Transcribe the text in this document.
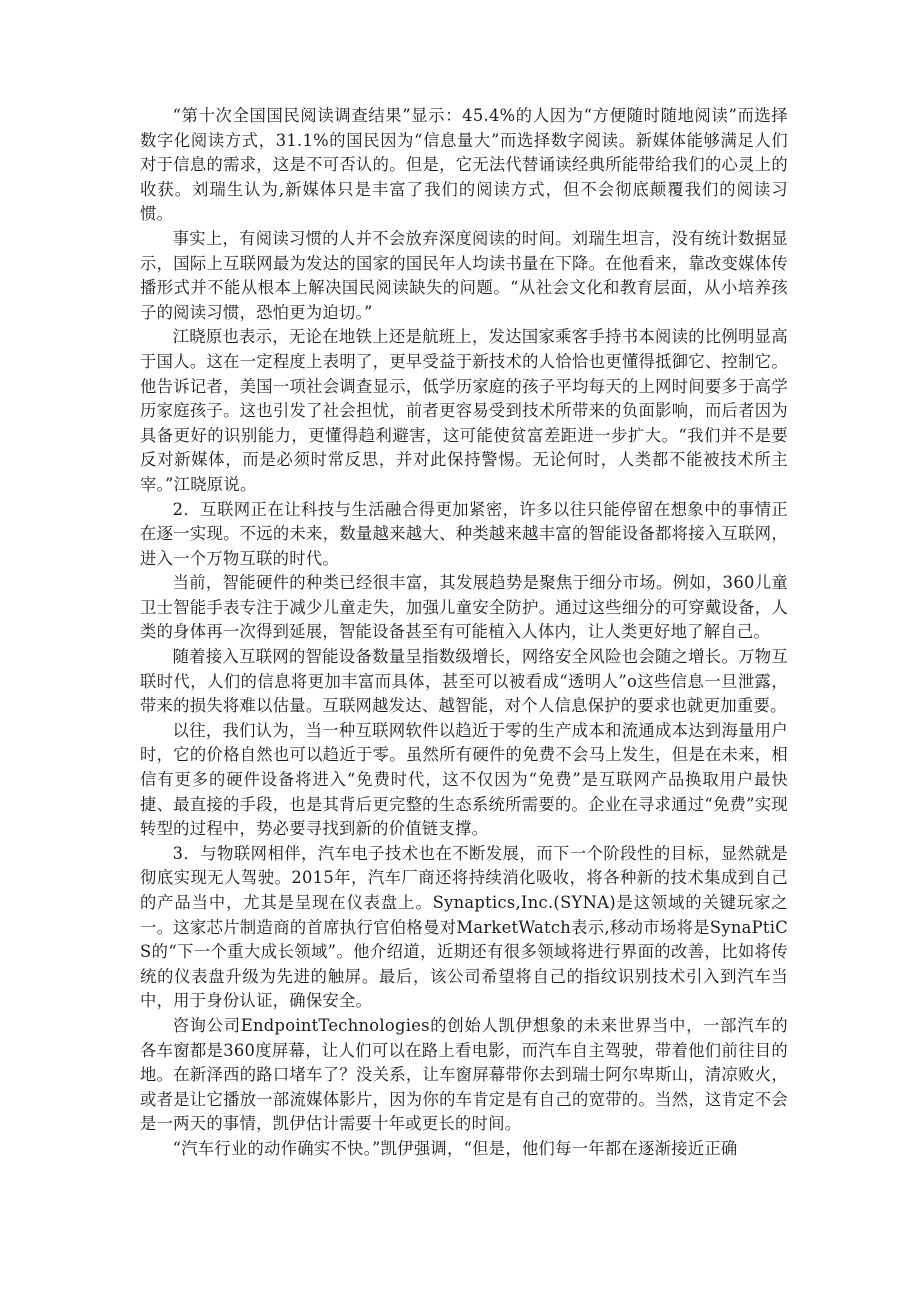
“第十次全国国民阅读调查结果”显示：45.4%的人因为“方便随时随地阅读”而选择数字化阅读方式，31.1%的国民因为“信息量大”而选择数字阅读。新媒体能够满足人们对于信息的需求，这是不可否认的。但是，它无法代替诵读经典所能带给我们的心灵上的收获。刘瑞生认为,新媒体只是丰富了我们的阅读方式，但不会彻底颠覆我们的阅读习惯。

事实上，有阅读习惯的人并不会放弃深度阅读的时间。刘瑞生坦言，没有统计数据显示，国际上互联网最为发达的国家的国民年人均读书量在下降。在他看来，靠改变媒体传播形式并不能从根本上解决国民阅读缺失的问题。“从社会文化和教育层面，从小培养孩子的阅读习惯，恐怕更为迫切。”

江晓原也表示，无论在地铁上还是航班上，发达国家乘客手持书本阅读的比例明显高于国人。这在一定程度上表明了，更早受益于新技术的人恰恰也更懂得抵御它、控制它。他告诉记者，美国一项社会调查显示，低学历家庭的孩子平均每天的上网时间要多于高学历家庭孩子。这也引发了社会担忧，前者更容易受到技术所带来的负面影响，而后者因为具备更好的识别能力，更懂得趋利避害，这可能使贫富差距进一步扩大。“我们并不是要反对新媒体，而是必须时常反思，并对此保持警惕。无论何时，人类都不能被技术所主宰。”江晓原说。

2．互联网正在让科技与生活融合得更加紧密，许多以往只能停留在想象中的事情正在逐一实现。不远的未来，数量越来越大、种类越来越丰富的智能设备都将接入互联网，进入一个万物互联的时代。

当前，智能硬件的种类已经很丰富，其发展趋势是聚焦于细分市场。例如，360儿童卫士智能手表专注于减少儿童走失，加强儿童安全防护。通过这些细分的可穿戴设备，人类的身体再一次得到延展，智能设备甚至有可能植入人体内，让人类更好地了解自己。

随着接入互联网的智能设备数量呈指数级增长，网络安全风险也会随之增长。万物互联时代，人们的信息将更加丰富而具体，甚至可以被看成“透明人”o这些信息一旦泄露，带来的损失将难以估量。互联网越发达、越智能，对个人信息保护的要求也就更加重要。

以往，我们认为，当一种互联网软件以趋近于零的生产成本和流通成本达到海量用户时，它的价格自然也可以趋近于零。虽然所有硬件的免费不会马上发生，但是在未来，相信有更多的硬件设备将进入“免费时代，这不仅因为“免费”是互联网产品换取用户最快捷、最直接的手段，也是其背后更完整的生态系统所需要的。企业在寻求通过“免费”实现转型的过程中，势必要寻找到新的价值链支撑。

3．与物联网相伴，汽车电子技术也在不断发展，而下一个阶段性的目标，显然就是彻底实现无人驾驶。2015年，汽车厂商还将持续消化吸收，将各种新的技术集成到自己的产品当中，尤其是呈现在仪表盘上。Synaptics,Inc.(SYNA)是这领域的关键玩家之一。这家芯片制造商的首席执行官伯格曼对MarketWatch表示,移动市场将是SynaPtiCS的“下一个重大成长领域”。他介绍道，近期还有很多领域将进行界面的改善，比如将传统的仪表盘升级为先进的触屏。最后，该公司希望将自己的指纹识别技术引入到汽车当中，用于身份认证，确保安全。

咨询公司EndpointTechnologies的创始人凯伊想象的未来世界当中，一部汽车的各车窗都是360度屏幕，让人们可以在路上看电影，而汽车自主驾驶，带着他们前往目的地。在新泽西的路口堵车了？没关系，让车窗屏幕带你去到瑞士阿尔卑斯山，清凉败火，或者是让它播放一部流媒体影片，因为你的车肯定是有自己的宽带的。当然，这肯定不会是一两天的事情，凯伊估计需要十年或更长的时间。

“汽车行业的动作确实不快。”凯伊强调，“但是，他们每一年都在逐渐接近正确
